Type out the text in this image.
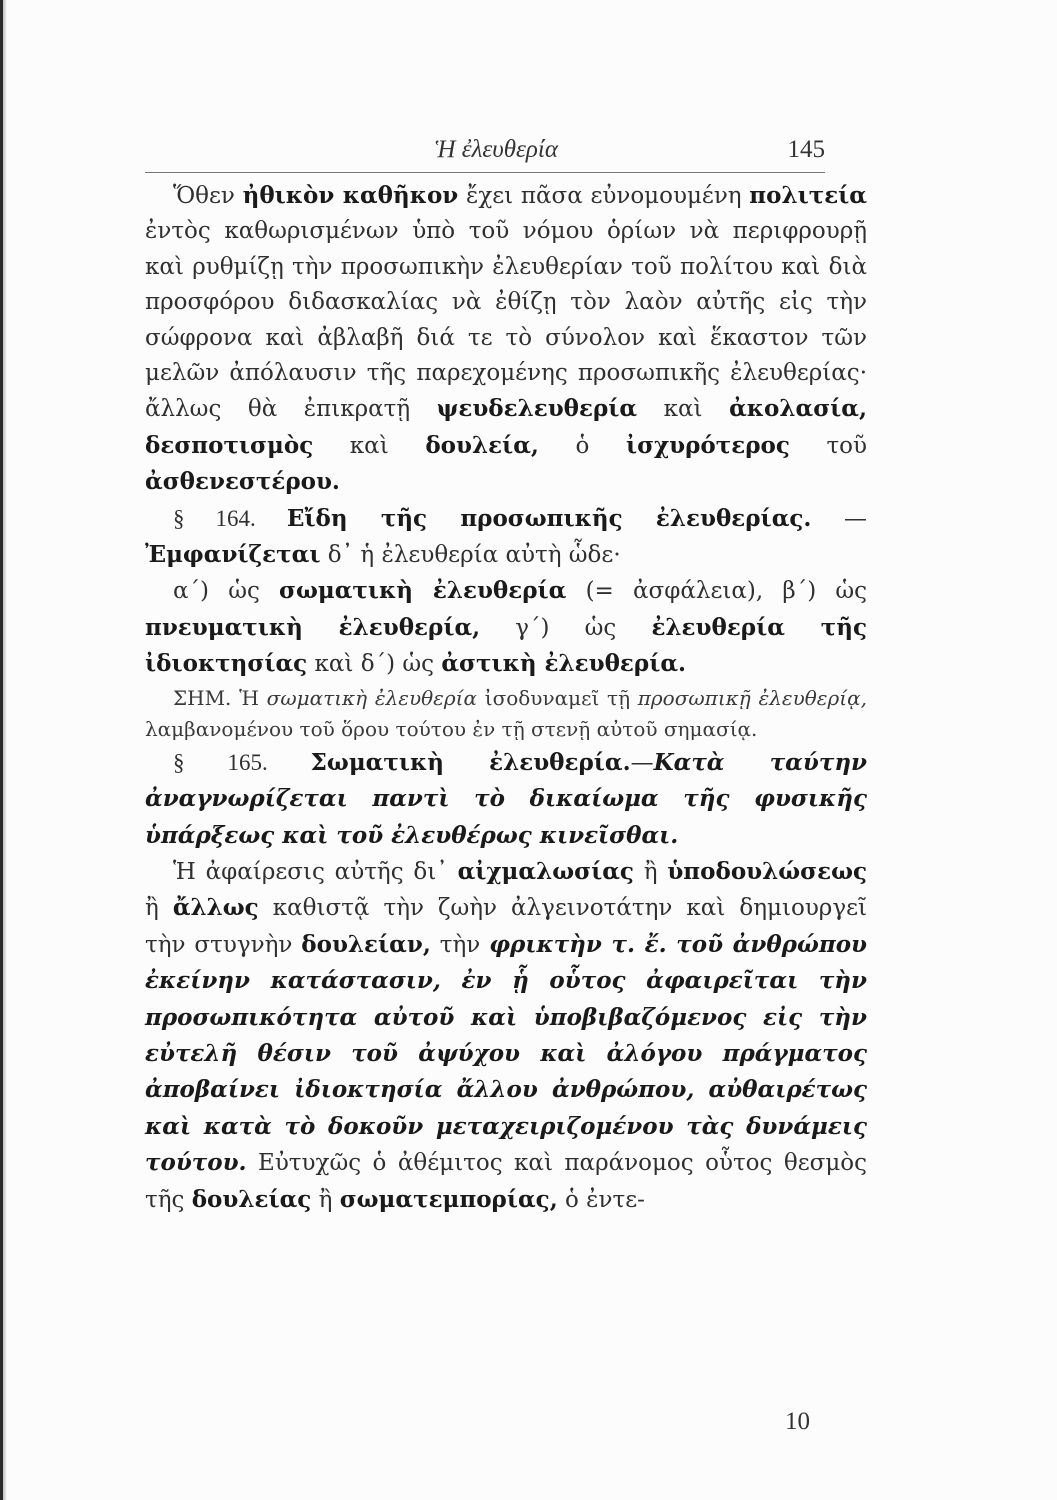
Ἡ ἐλευθερία	145

Ὅθεν ἠθικὸν καθῆκον ἔχει πᾶσα εὐνομουμένη πολιτεία ἐντὸς καθωρισμένων ὑπὸ τοῦ νόμου ὁρίων νὰ περιφρουρῇ καὶ ρυθμίζῃ τὴν προσωπικὴν ἐλευθερίαν τοῦ πολίτου καὶ διὰ προσφόρου διδασκαλίας νὰ ἐθίζῃ τὸν λαὸν αὐτῆς εἰς τὴν σώφρονα καὶ ἀβλαβῆ διά τε τὸ σύνολον καὶ ἕκαστον τῶν μελῶν ἀπόλαυσιν τῆς παρεχομένης προσωπικῆς ἐλευθερίας· ἄλλως θὰ ἐπικρατῇ ψευδελευθερία καὶ ἀκολασία, δεσποτισμὸς καὶ δουλεία, ὁ ἰσχυρότερος τοῦ ἀσθενεστέρου.

§ 164. Εἴδη τῆς προσωπικῆς ἐλευθερίας. — Ἐμφανίζεται δ᾽ ἡ ἐλευθερία αὐτὴ ὧδε·

α´) ὡς σωματικὴ ἐλευθερία (= ἀσφάλεια), β´) ὡς πνευματικὴ ἐλευθερία, γ´) ὡς ἐλευθερία τῆς ἰδιοκτησίας καὶ δ´) ὡς ἀστικὴ ἐλευθερία.

ΣΗΜ. Ἡ σωματικὴ ἐλευθερία ἰσοδυναμεῖ τῇ προσωπικῇ ἐλευθερίᾳ, λαμβανομένου τοῦ ὅρου τούτου ἐν τῇ στενῇ αὐτοῦ σημασίᾳ.

§ 165. Σωματικὴ ἐλευθερία.—Κατὰ ταύτην ἀναγνωρίζεται παντὶ τὸ δικαίωμα τῆς φυσικῆς ὑπάρξεως καὶ τοῦ ἐλευθέρως κινεῖσθαι.

Ἡ ἀφαίρεσις αὐτῆς δι᾽ αἰχμαλωσίας ἢ ὑποδουλώσεως ἢ ἄλλως καθιστᾷ τὴν ζωὴν ἀλγεινοτάτην καὶ δημιουργεῖ τὴν στυγνὴν δουλείαν, τὴν φρικτὴν τ. ἔ. τοῦ ἀνθρώπου ἐκείνην κατάστασιν, ἐν ᾗ οὗτος ἀφαιρεῖται τὴν προσωπικότητα αὐτοῦ καὶ ὑποβιβαζόμενος εἰς τὴν εὐτελῆ θέσιν τοῦ ἀψύχου καὶ ἀλόγου πράγματος ἀποβαίνει ἰδιοκτησία ἄλλου ἀνθρώπου, αὐθαιρέτως καὶ κατὰ τὸ δοκοῦν μεταχειριζομένου τὰς δυνάμεις τούτου. Εὐτυχῶς ὁ ἀθέμιτος καὶ παράνομος οὗτος θεσμὸς τῆς δουλείας ἢ σωματεμπορίας, ὁ ἐντε-

10
